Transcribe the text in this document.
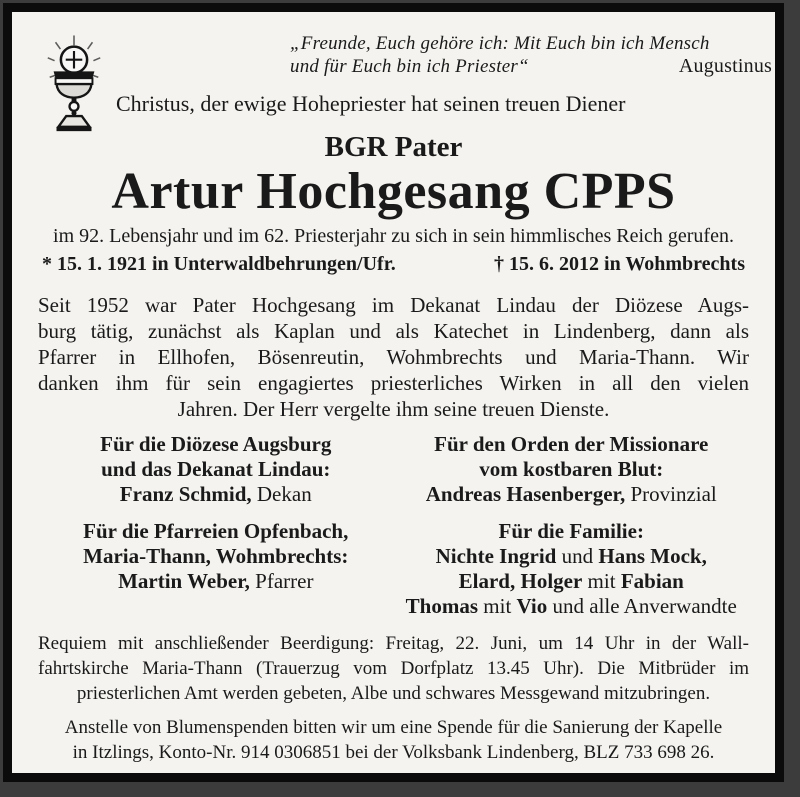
„Freunde, Euch gehöre ich: Mit Euch bin ich Mensch
und für Euch bin ich Priester“	Augustinus
Christus, der ewige Hohepriester hat seinen treuen Diener
BGR Pater
Artur Hochgesang CPPS
im 92. Lebensjahr und im 62. Priesterjahr zu sich in sein himmlisches Reich gerufen.
* 15. 1. 1921 in Unterwaldbehrungen/Ufr.	† 15. 6. 2012 in Wohmbrechts
Seit 1952 war Pater Hochgesang im Dekanat Lindau der Diözese Augs-
burg tätig, zunächst als Kaplan und als Katechet in Lindenberg, dann als
Pfarrer in Ellhofen, Bösenreutin, Wohmbrechts und Maria-Thann. Wir
danken ihm für sein engagiertes priesterliches Wirken in all den vielen
Jahren. Der Herr vergelte ihm seine treuen Dienste.
Für die Diözese Augsburg
und das Dekanat Lindau:
Franz Schmid, Dekan
Für die Pfarreien Opfenbach,
Maria-Thann, Wohmbrechts:
Martin Weber, Pfarrer
Für den Orden der Missionare
vom kostbaren Blut:
Andreas Hasenberger, Provinzial
Für die Familie:
Nichte Ingrid und Hans Mock,
Elard, Holger mit Fabian
Thomas mit Vio und alle Anverwandte
Requiem mit anschließender Beerdigung: Freitag, 22. Juni, um 14 Uhr in der Wall-
fahrtskirche Maria-Thann (Trauerzug vom Dorfplatz 13.45 Uhr). Die Mitbrüder im
priesterlichen Amt werden gebeten, Albe und schwares Messgewand mitzubringen.
Anstelle von Blumenspenden bitten wir um eine Spende für die Sanierung der Kapelle
in Itzlings, Konto-Nr. 914 0306851 bei der Volksbank Lindenberg, BLZ 733 698 26.
